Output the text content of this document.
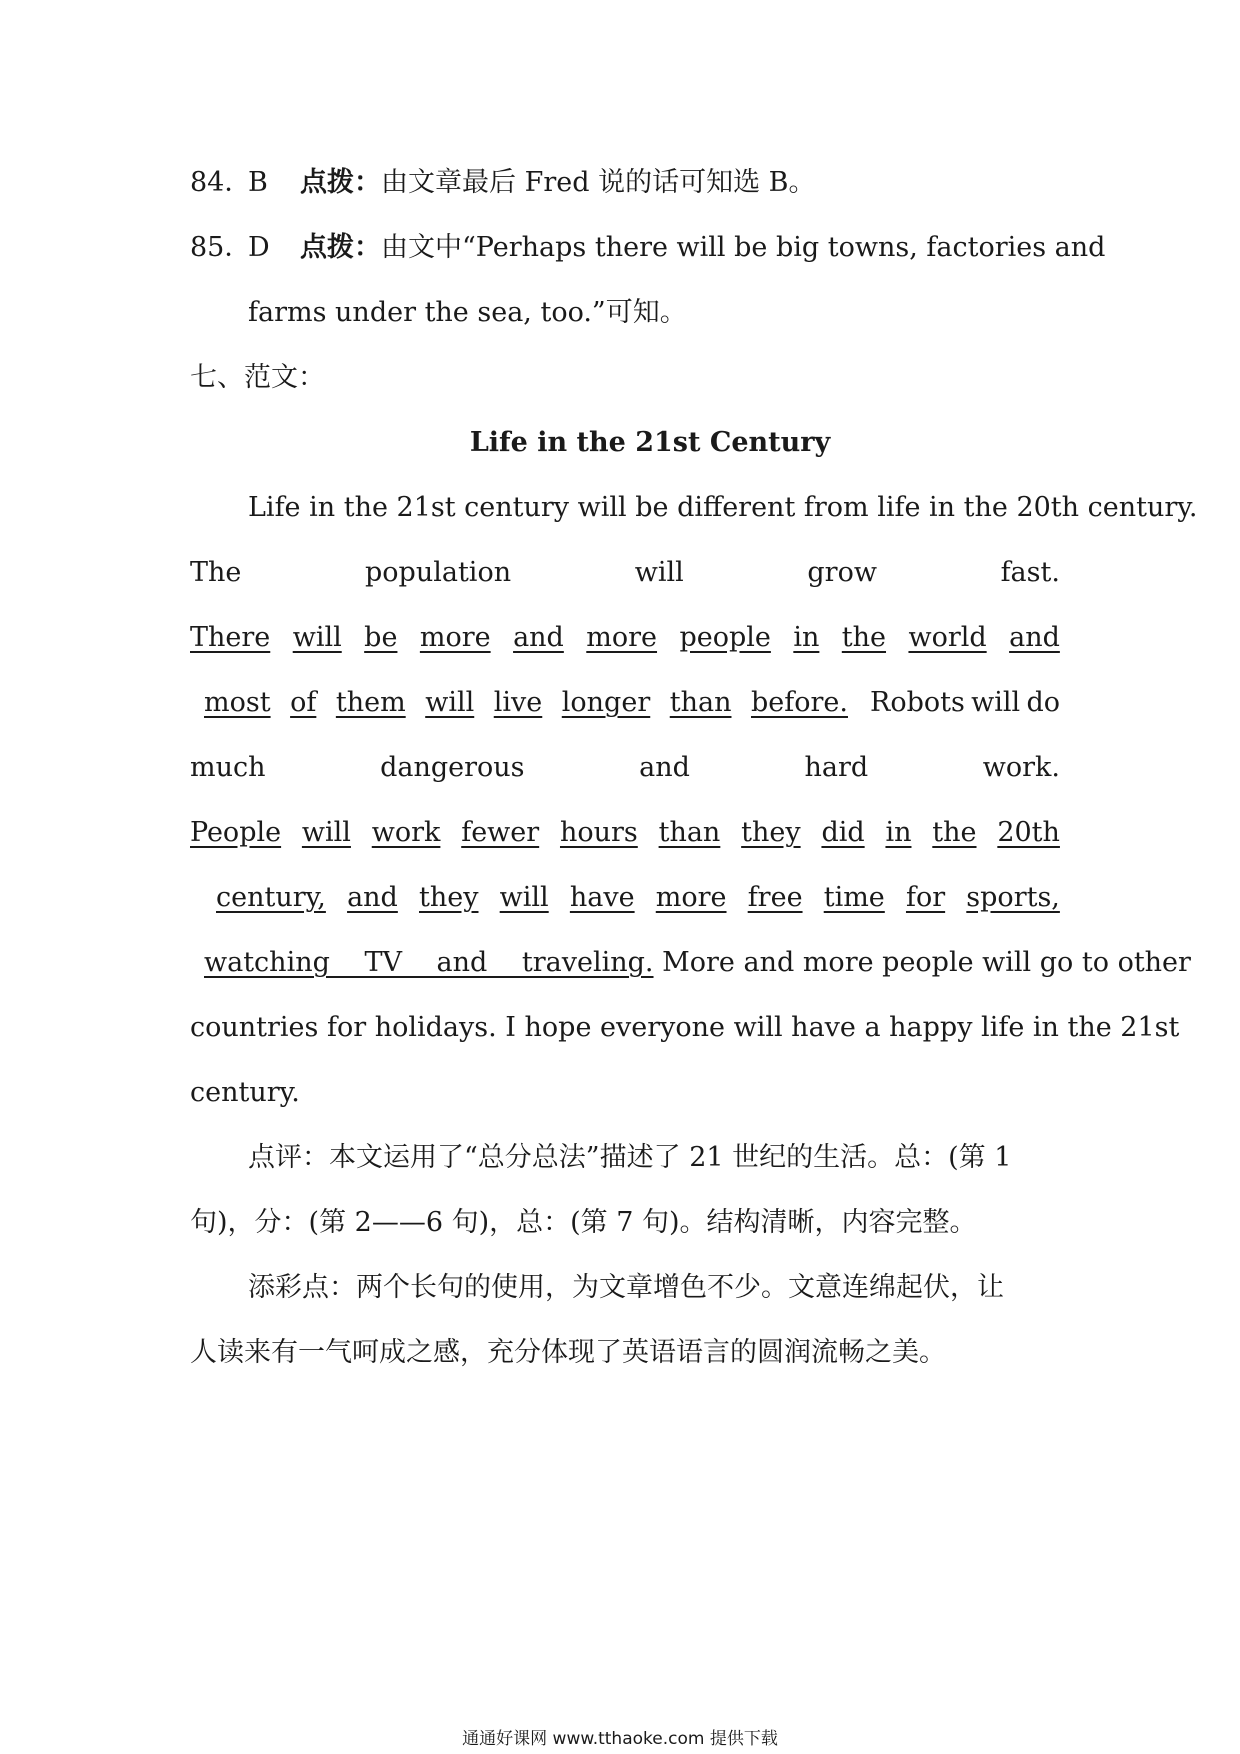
84．B 点拨：由文章最后 Fred 说的话可知选 B。
85．D 点拨：由文中“Perhaps there will be big towns, factories and
farms under the sea, too.”可知。
七、范文：
Life in the 21st Century
Life in the 21st century will be different from life in the 20th century.
The	population	will	grow	fast.
There will be more and more people in the world and
most of them will live longer than before. Robots will do
much	dangerous	and	hard	work.
People will work fewer hours than they did in the 20th
century, and they will have more free time for sports,
watching TV and traveling. More and more people will go to other
countries for holidays. I hope everyone will have a happy life in the 21st
century.
点评：本文运用了“总分总法”描述了 21 世纪的生活。总：(第 1
句)，分：(第 2——6 句)，总：(第 7 句)。结构清晰，内容完整。
添彩点：两个长句的使用，为文章增色不少。文意连绵起伏，让
人读来有一气呵成之感，充分体现了英语语言的圆润流畅之美。
通通好课网 www.tthaoke.com 提供下载
